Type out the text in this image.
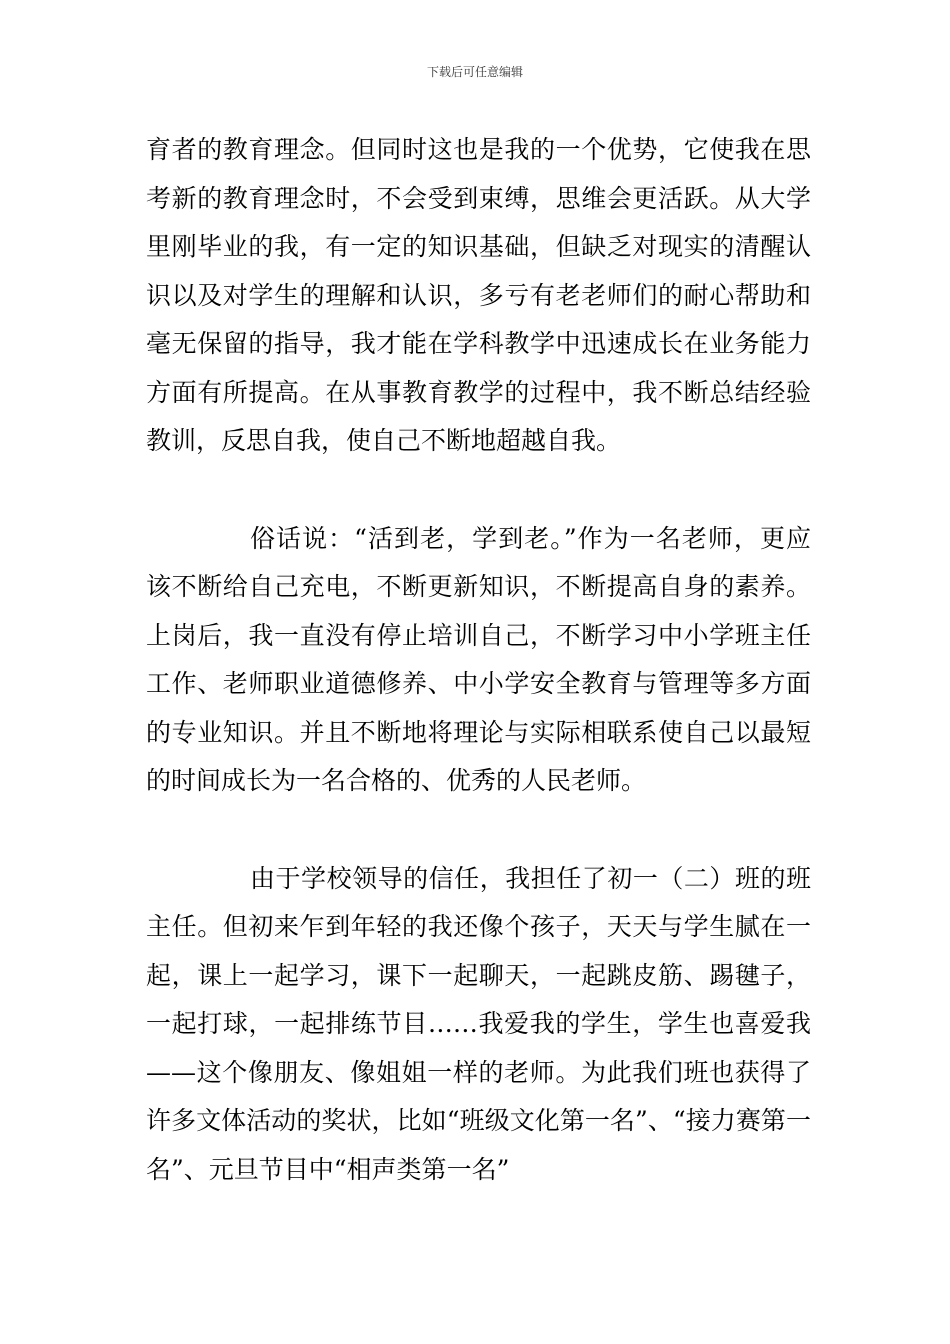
下载后可任意编辑

育者的教育理念。但同时这也是我的一个优势，它使我在思考新的教育理念时，不会受到束缚，思维会更活跃。从大学里刚毕业的我，有一定的知识基础，但缺乏对现实的清醒认识以及对学生的理解和认识，多亏有老老师们的耐心帮助和毫无保留的指导，我才能在学科教学中迅速成长在业务能力方面有所提高。在从事教育教学的过程中，我不断总结经验教训，反思自我，使自己不断地超越自我。

俗话说：“活到老，学到老。”作为一名老师，更应该不断给自己充电，不断更新知识，不断提高自身的素养。上岗后，我一直没有停止培训自己，不断学习中小学班主任工作、老师职业道德修养、中小学安全教育与管理等多方面的专业知识。并且不断地将理论与实际相联系使自己以最短的时间成长为一名合格的、优秀的人民老师。

由于学校领导的信任，我担任了初一（二）班的班主任。但初来乍到年轻的我还像个孩子，天天与学生腻在一起，课上一起学习，课下一起聊天，一起跳皮筋、踢毽子，一起打球，一起排练节目……我爱我的学生，学生也喜爱我——这个像朋友、像姐姐一样的老师。为此我们班也获得了许多文体活动的奖状，比如“班级文化第一名”、“接力赛第一名”、元旦节目中“相声类第一名”
